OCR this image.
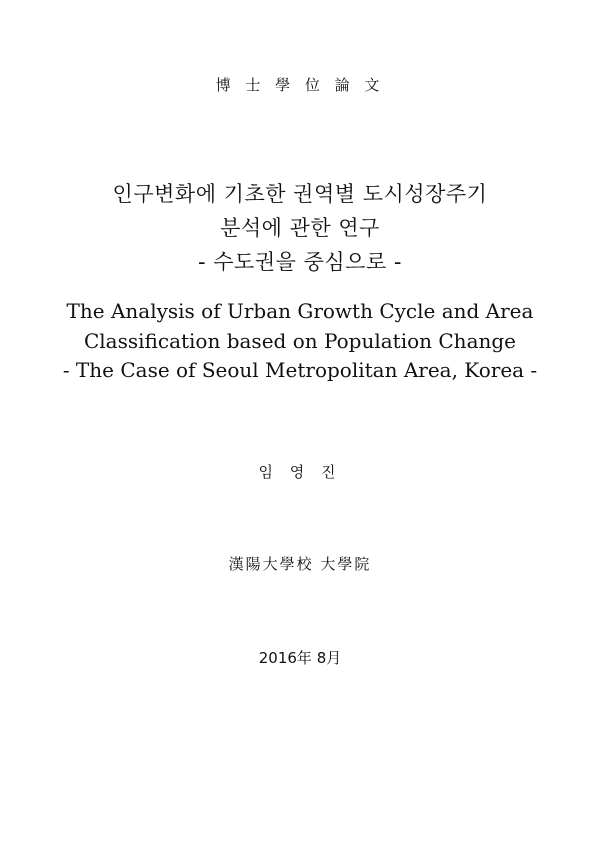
博 士 學 位 論 文
인구변화에 기초한 권역별 도시성장주기
분석에 관한 연구
- 수도권을 중심으로 -
The Analysis of Urban Growth Cycle and Area
Classification based on Population Change
- The Case of Seoul Metropolitan Area, Korea -
임 영 진
漢陽大學校 大學院
2016年 8月
